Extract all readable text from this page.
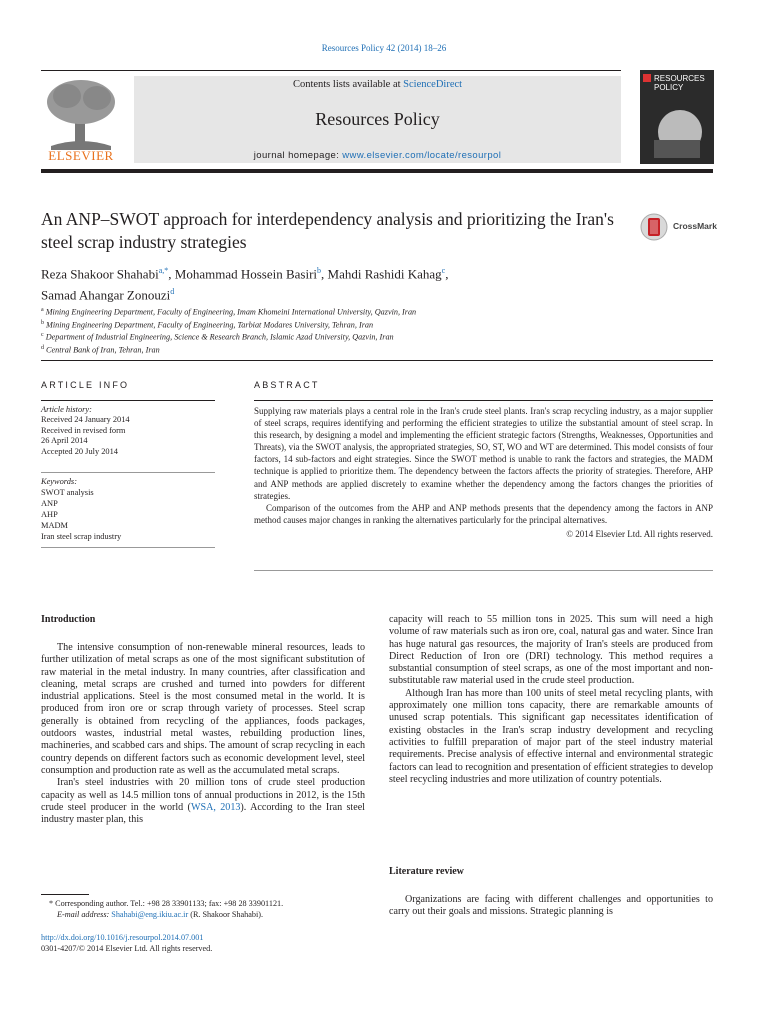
Resources Policy 42 (2014) 18–26
ELSEVIER
Contents lists available at ScienceDirect
Resources Policy
journal homepage: www.elsevier.com/locate/resourpol
RESOURCES
POLICY
An ANP–SWOT approach for interdependency analysis and prioritizing the Iran's steel scrap industry strategies
CrossMark
Reza Shakoor Shahabi$^{a,*}$, Mohammad Hossein Basiri$^b$, Mahdi Rashidi Kahag$^c$,
Samad Ahangar Zonouzi$^d$
$^a$ Mining Engineering Department, Faculty of Engineering, Imam Khomeini International University, Qazvin, Iran
$^b$ Mining Engineering Department, Faculty of Engineering, Tarbiat Modares University, Tehran, Iran
$^c$ Department of Industrial Engineering, Science & Research Branch, Islamic Azad University, Qazvin, Iran
$^d$ Central Bank of Iran, Tehran, Iran
ARTICLE INFO	ABSTRACT
Article history:
Received 24 January 2014
Received in revised form
26 April 2014
Accepted 20 July 2014
Keywords:
SWOT analysis
ANP
AHP
MADM
Iran steel scrap industry

Supplying raw materials plays a central role in the Iran's crude steel plants. Iran's scrap recycling industry, as a major supplier of steel scraps, requires identifying and performing the efficient strategies to utilize the substantial amount of steel scrap. In this research, by designing a model and implementing the efficient strategic factors (Strengths, Weaknesses, Opportunities and Threats), via the SWOT analysis, the appropriated strategies, SO, ST, WO and WT are determined. This model consists of four factors, 14 sub-factors and eight strategies. Since the SWOT method is unable to rank the factors and strategies, the MADM technique is applied to prioritize them. The dependency between the factors affects the priority of strategies. Therefore, AHP and ANP methods are applied discretely to examine whether the dependency among the factors changes the priorities of strategies.

Comparison of the outcomes from the AHP and ANP methods presents that the dependency among the factors in ANP method causes major changes in ranking the alternatives particularly for the principal alternatives.

© 2014 Elsevier Ltd. All rights reserved.
Introduction

The intensive consumption of non-renewable mineral resources, leads to further utilization of metal scraps as one of the most significant substitution of raw material in the metal industry. In many countries, after classification and cleaning, metal scraps are crushed and turned into powders for different industrial applications. Steel is the most consumed metal in the world. It is produced from iron ore or scrap through variety of processes. Steel scrap generally is obtained from recycling of the appliances, foods packages, outdoors wastes, industrial metal wastes, rebuilding production lines, machineries, and scabbed cars and ships. The amount of scrap recycling in each country depends on different factors such as economic development level, steel consumption and production rate as well as the accumulated metal scraps.

Iran's steel industries with 20 million tons of crude steel production capacity as well as 14.5 million tons of annual productions in 2012, is the 15th crude steel producer in the world (WSA, 2013). According to the Iran steel industry master plan, this

capacity will reach to 55 million tons in 2025. This sum will need a high volume of raw materials such as iron ore, coal, natural gas and water. Since Iran has huge natural gas resources, the majority of Iran's steels are produced from Direct Reduction of Iron ore (DRI) technology. This method requires a substantial consumption of steel scraps, as one of the most important and non-substitutable raw material used in the crude steel production.

Although Iran has more than 100 units of steel metal recycling plants, with approximately one million tons capacity, there are remarkable amounts of unused scrap potentials. This significant gap necessitates identification of existing obstacles in the Iran's scrap industry development and recycling activities to fulfill preparation of major part of the steel industry material requirements. Precise analysis of effective internal and environmental strategic factors can lead to recognition and presentation of efficient strategies to develop steel recycling industries and more utilization of country potentials.

Literature review

Organizations are facing with different challenges and opportunities to carry out their goals and missions. Strategic planning is

* Corresponding author. Tel.: +98 28 33901133; fax: +98 28 33901121.
E-mail address: Shahabi@eng.ikiu.ac.ir (R. Shakoor Shahabi).
http://dx.doi.org/10.1016/j.resourpol.2014.07.001
0301-4207/© 2014 Elsevier Ltd. All rights reserved.
